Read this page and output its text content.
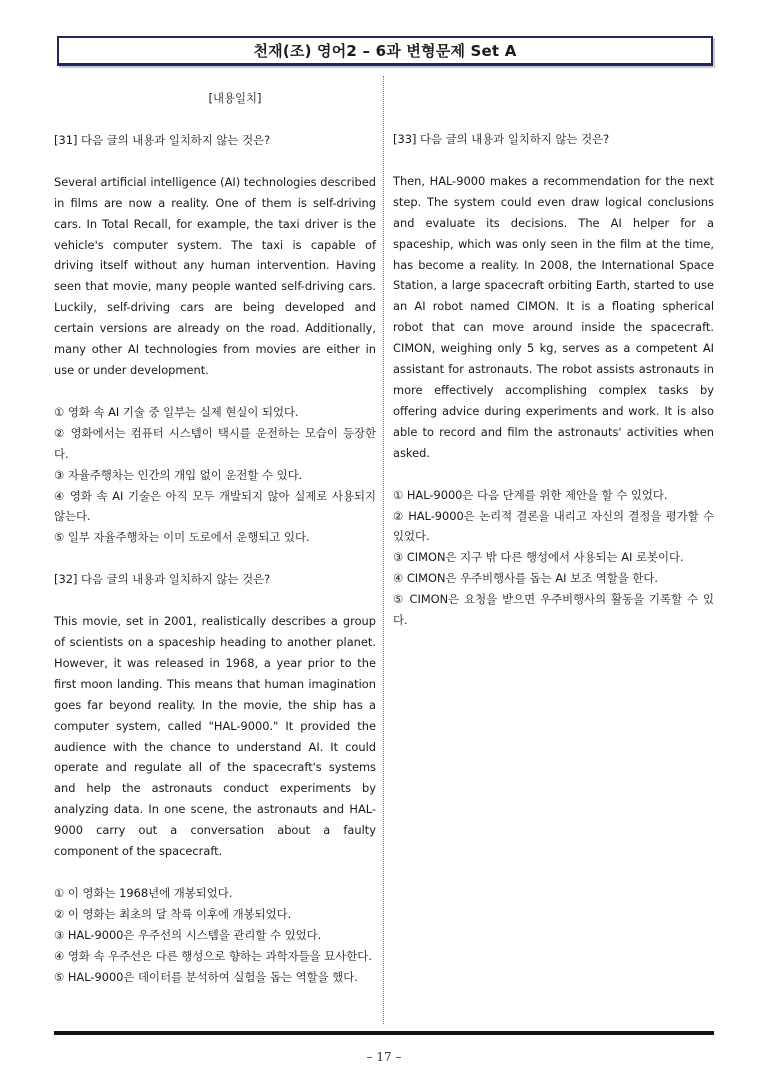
천재(조) 영어2 – 6과 변형문제 Set A
[내용일치]
[31] 다음 글의 내용과 일치하지 않는 것은?
Several artificial intelligence (AI) technologies described in films are now a reality. One of them is self-driving cars. In Total Recall, for example, the taxi driver is the vehicle's computer system. The taxi is capable of driving itself without any human intervention. Having seen that movie, many people wanted self-driving cars. Luckily, self-driving cars are being developed and certain versions are already on the road. Additionally, many other AI technologies from movies are either in use or under development.
① 영화 속 AI 기술 중 일부는 실제 현실이 되었다.
② 영화에서는 컴퓨터 시스템이 택시를 운전하는 모습이 등장한다.
③ 자율주행차는 인간의 개입 없이 운전할 수 있다.
④ 영화 속 AI 기술은 아직 모두 개발되지 않아 실제로 사용되지 않는다.
⑤ 일부 자율주행차는 이미 도로에서 운행되고 있다.
[32] 다음 글의 내용과 일치하지 않는 것은?
This movie, set in 2001, realistically describes a group of scientists on a spaceship heading to another planet. However, it was released in 1968, a year prior to the first moon landing. This means that human imagination goes far beyond reality. In the movie, the ship has a computer system, called "HAL-9000." It provided the audience with the chance to understand AI. It could operate and regulate all of the spacecraft's systems and help the astronauts conduct experiments by analyzing data. In one scene, the astronauts and HAL-9000 carry out a conversation about a faulty component of the spacecraft.
① 이 영화는 1968년에 개봉되었다.
② 이 영화는 최초의 달 착륙 이후에 개봉되었다.
③ HAL-9000은 우주선의 시스템을 관리할 수 있었다.
④ 영화 속 우주선은 다른 행성으로 향하는 과학자들을 묘사한다.
⑤ HAL-9000은 데이터를 분석하여 실험을 돕는 역할을 했다.
[33] 다음 글의 내용과 일치하지 않는 것은?
Then, HAL-9000 makes a recommendation for the next step. The system could even draw logical conclusions and evaluate its decisions. The AI helper for a spaceship, which was only seen in the film at the time, has become a reality. In 2008, the International Space Station, a large spacecraft orbiting Earth, started to use an AI robot named CIMON. It is a floating spherical robot that can move around inside the spacecraft. CIMON, weighing only 5 kg, serves as a competent AI assistant for astronauts. The robot assists astronauts in more effectively accomplishing complex tasks by offering advice during experiments and work. It is also able to record and film the astronauts' activities when asked.
① HAL-9000은 다음 단계를 위한 제안을 할 수 있었다.
② HAL-9000은 논리적 결론을 내리고 자신의 결정을 평가할 수 있었다.
③ CIMON은 지구 밖 다른 행성에서 사용되는 AI 로봇이다.
④ CIMON은 우주비행사를 돕는 AI 보조 역할을 한다.
⑤ CIMON은 요청을 받으면 우주비행사의 활동을 기록할 수 있다.
– 17 –
